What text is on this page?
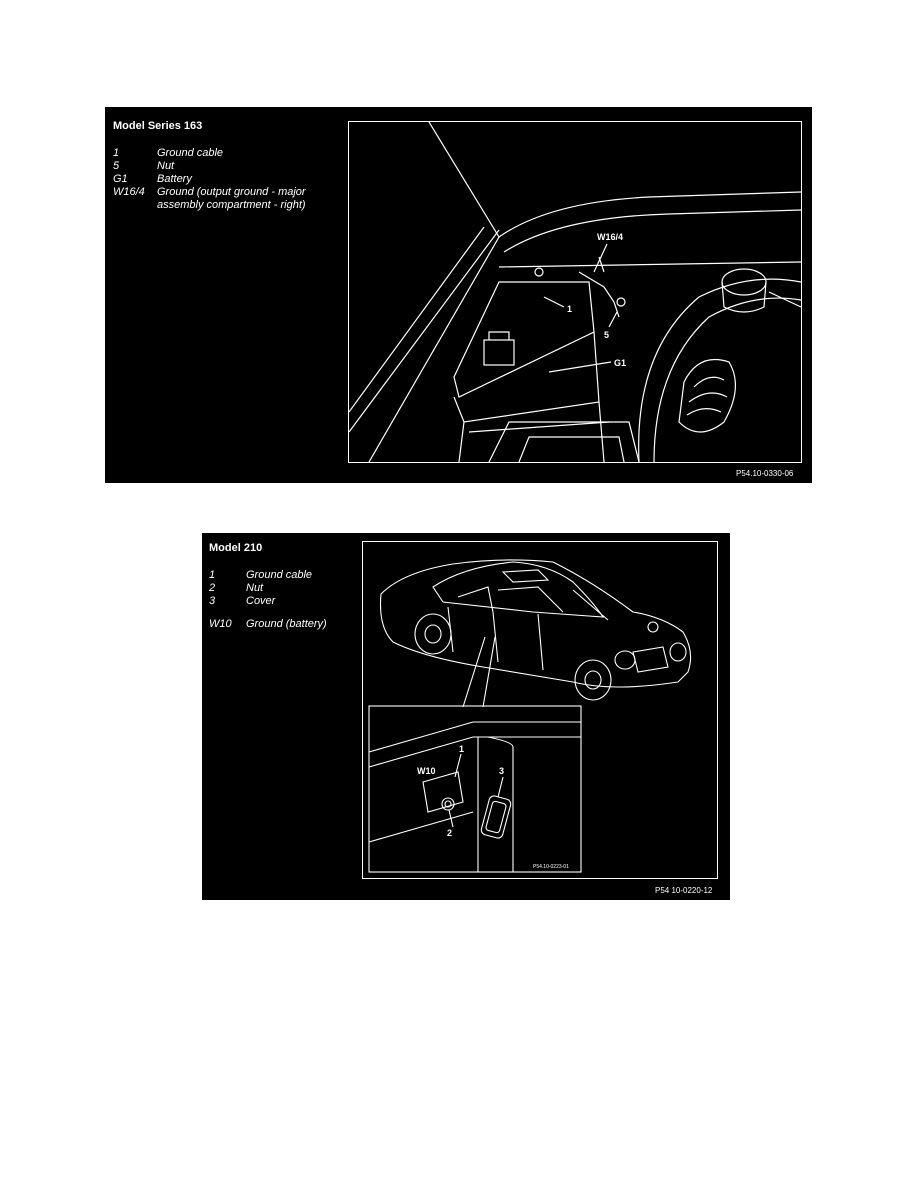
Model Series 163
1	Ground cable
5	Nut
G1	Battery
W16/4	Ground (output ground - major assembly compartment - right)
W16/4
1
5
G1
P54.10-0330-06
Model 210
1	Ground cable
2	Nut
3	Cover
W10	Ground (battery)
W10
1
2
3
P54.10-0223-01
P54 10-0220-12
